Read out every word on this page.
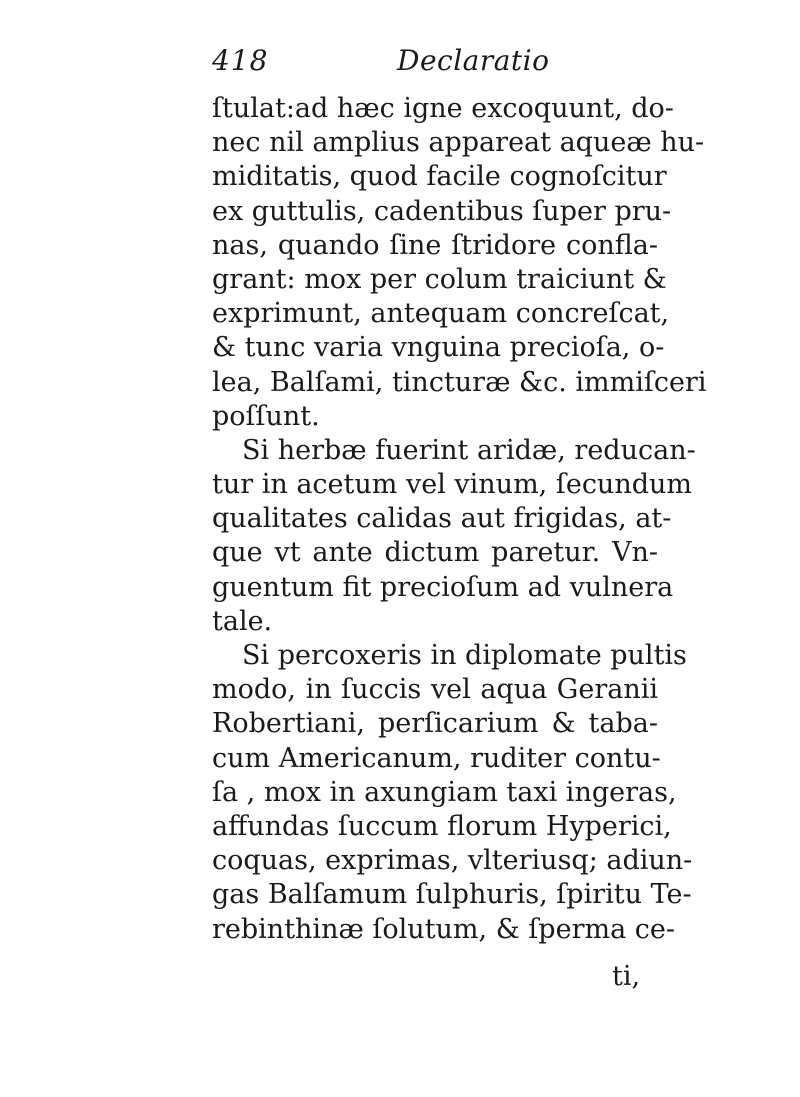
418	Declaratio
ſtulat:ad hæc igne excoquunt, do-
nec nil amplius appareat aqueæ hu-
miditatis, quod facile cognoſcitur
ex guttulis, cadentibus ſuper pru-
nas, quando ſine ſtridore confla-
grant: mox per colum traiciunt &
exprimunt, antequam concreſcat,
& tunc varia vnguina precioſa, o-
lea, Balſami, tincturæ &c. immiſceri
poſſunt.
Si herbæ fuerint aridæ, reducan-
tur in acetum vel vinum, ſecundum
qualitates calidas aut frigidas, at-
que vt ante dictum paretur. Vn-
guentum fit precioſum ad vulnera
tale.
Si percoxeris in diplomate pultis
modo, in ſuccis vel aqua Geranii
Robertiani, perſicarium & taba-
cum Americanum, ruditer contu-
ſa , mox in axungiam taxi ingeras,
affundas ſuccum florum Hyperici,
coquas, exprimas, vlteriusq; adiun-
gas Balſamum ſulphuris, ſpiritu Te-
rebinthinæ ſolutum, & ſperma ce-
ti,
